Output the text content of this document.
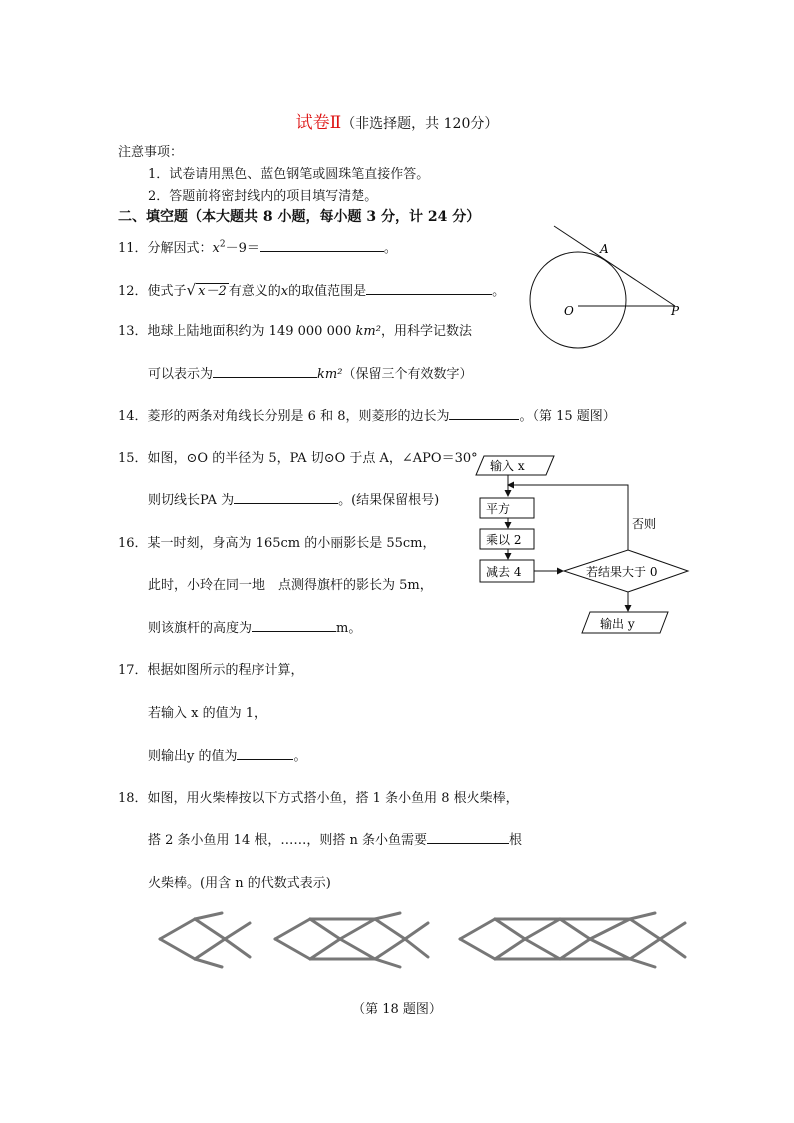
试卷Ⅱ（非选择题，共 120分）
注意事项：
1．试卷请用黑色、蓝色钢笔或圆珠笔直接作答。
2．答题前将密封线内的项目填写清楚。
二、填空题（本大题共 8 小题，每小题 3 分，计 24 分）
11．分解因式：$x^2-9=$	。
12．使式子√ x－2 有意义的x的取值范围是	。
A
O	P
13．地球上陆地面积约为 149 000 000 km²，用科学记数法
可以表示为	km²（保留三个有效数字）
14．菱形的两条对角线长分别是 6 和 8，则菱形的边长为	。（第 15 题图）
15．如图，⊙O 的半径为 5，PA 切⊙O 于点 A，∠APO＝30°
则切线长PA 为	。(结果保留根号)
16．某一时刻，身高为 165cm 的小丽影长是 55cm，
此时，小玲在同一地　点测得旗杆的影长为 5m，
则该旗杆的高度为	m。
输入 x
平方
乘以 2
减去 4	若结果大于 0
否则
输出 y
17．根据如图所示的程序计算，
若输入 x 的值为 1，
则输出y 的值为	。
18．如图，用火柴棒按以下方式搭小鱼，搭 1 条小鱼用 8 根火柴棒，
搭 2 条小鱼用 14 根，……，则搭 n 条小鱼需要	根
火柴棒。(用含 n 的代数式表示)
（第 18 题图）
